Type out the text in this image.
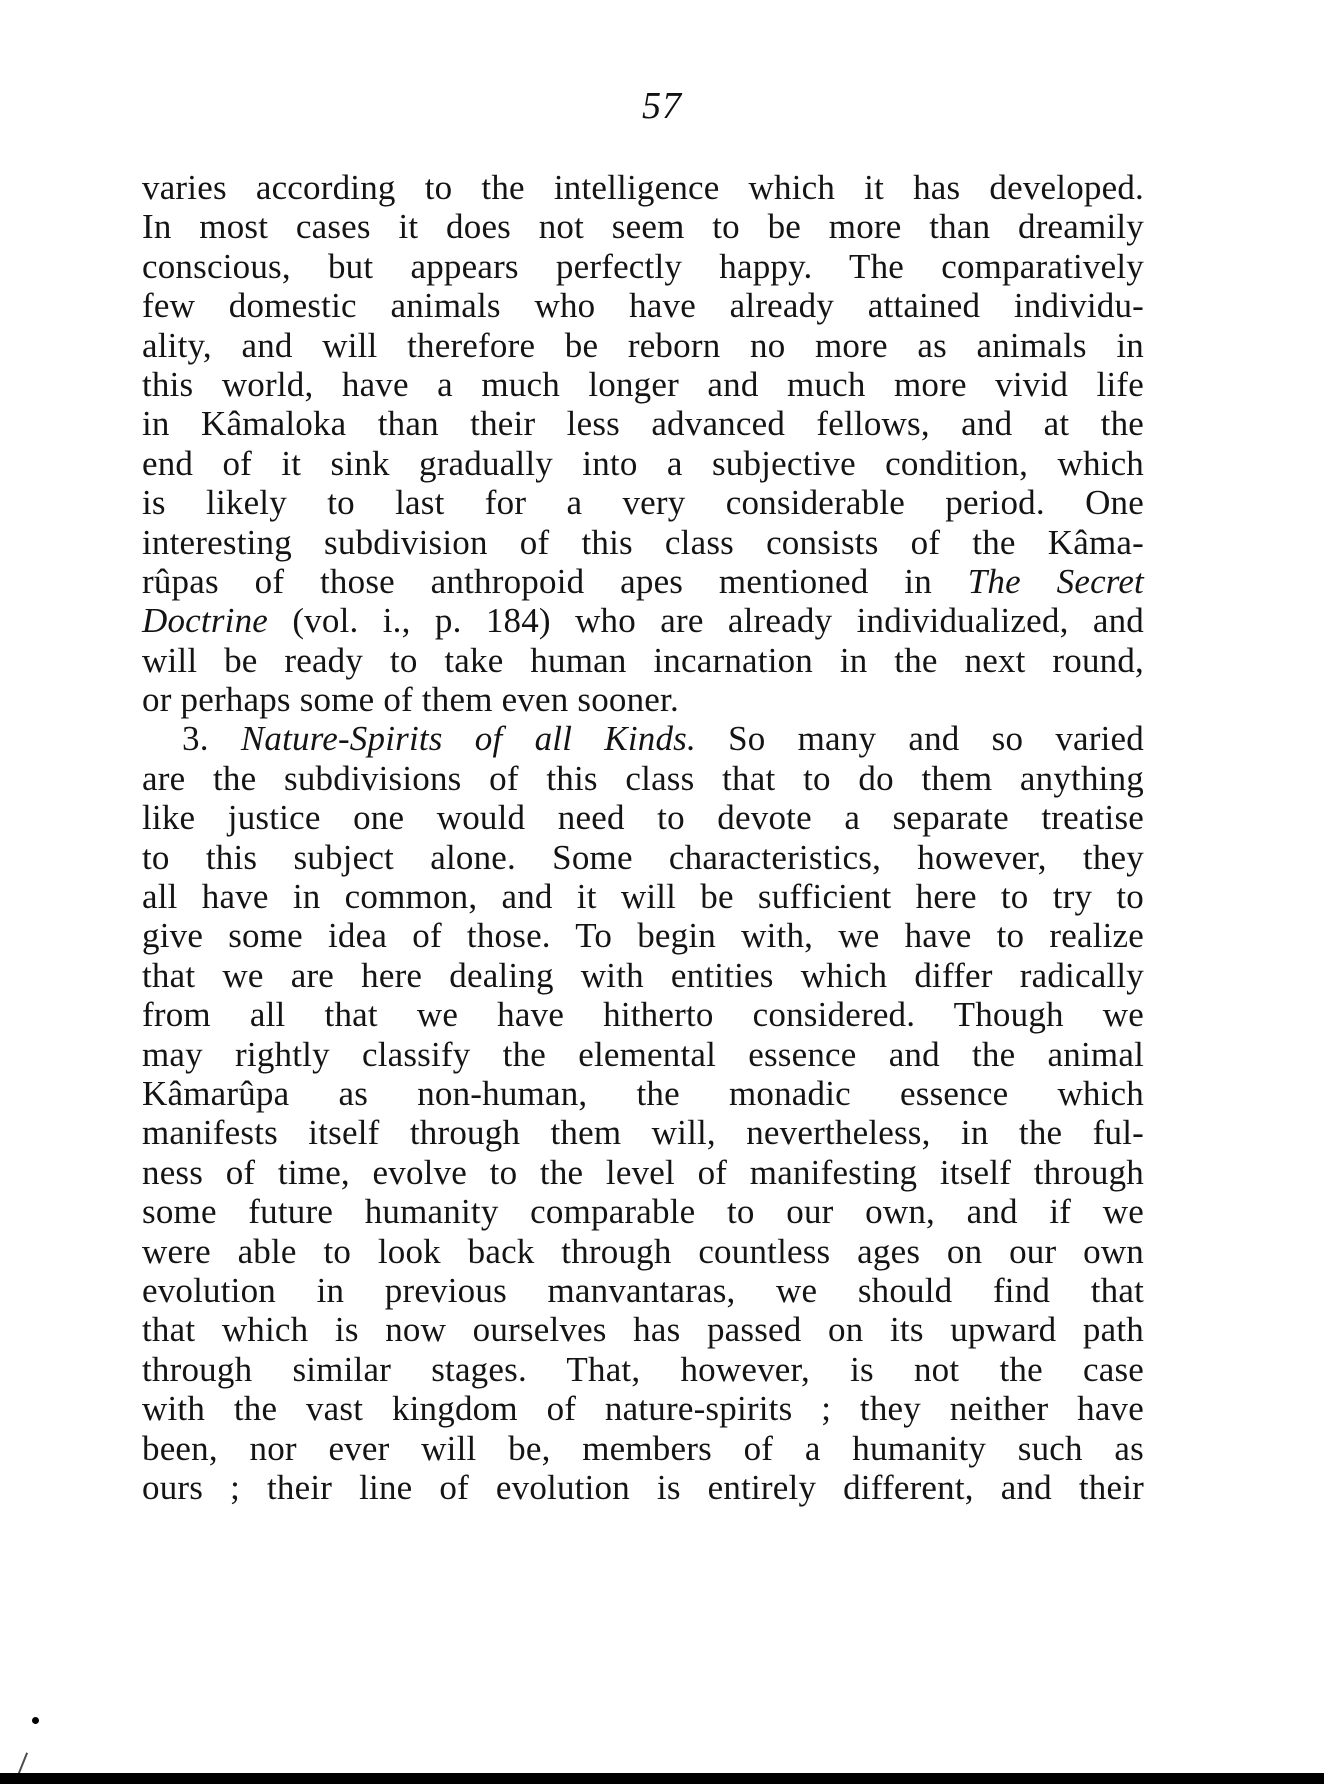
57
varies according to the intelligence which it has developed.
In most cases it does not seem to be more than dreamily
conscious, but appears perfectly happy. The comparatively
few domestic animals who have already attained individu-
ality, and will therefore be reborn no more as animals in
this world, have a much longer and much more vivid life
in Kâmaloka than their less advanced fellows, and at the
end of it sink gradually into a subjective condition, which
is likely to last for a very considerable period. One
interesting subdivision of this class consists of the Kâma-
rûpas of those anthropoid apes mentioned in The Secret
Doctrine (vol. i., p. 184) who are already individualized, and
will be ready to take human incarnation in the next round,
or perhaps some of them even sooner.
3. Nature-Spirits of all Kinds. So many and so varied
are the subdivisions of this class that to do them anything
like justice one would need to devote a separate treatise
to this subject alone. Some characteristics, however, they
all have in common, and it will be sufficient here to try to
give some idea of those. To begin with, we have to realize
that we are here dealing with entities which differ radically
from all that we have hitherto considered. Though we
may rightly classify the elemental essence and the animal
Kâmarûpa as non-human, the monadic essence which
manifests itself through them will, nevertheless, in the ful-
ness of time, evolve to the level of manifesting itself through
some future humanity comparable to our own, and if we
were able to look back through countless ages on our own
evolution in previous manvantaras, we should find that
that which is now ourselves has passed on its upward path
through similar stages. That, however, is not the case
with the vast kingdom of nature-spirits ; they neither have
been, nor ever will be, members of a humanity such as
ours ; their line of evolution is entirely different, and their
